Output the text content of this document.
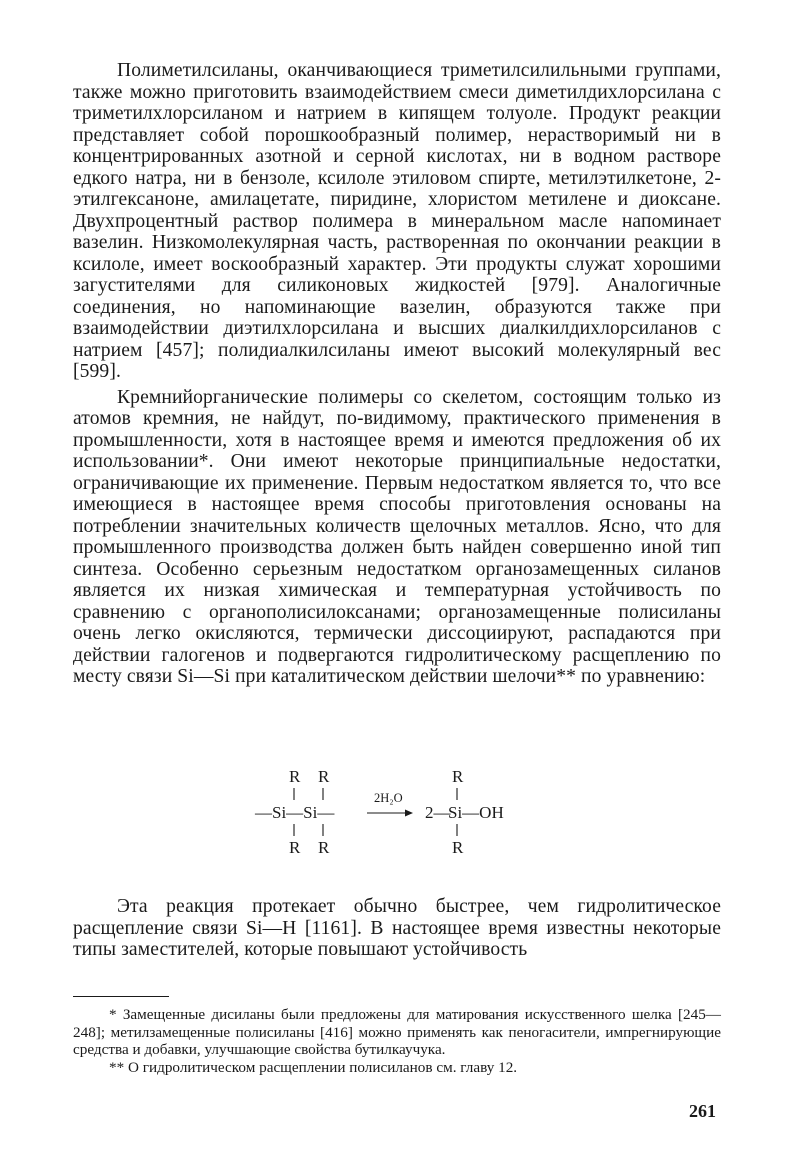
Полиметилсиланы, оканчивающиеся триметилсилильными группами, также можно приготовить взаимодействием смеси диметилдихлорсилана с триметилхлорсиланом и натрием в кипящем толуоле. Продукт реакции представляет собой порошкообразный полимер, нерастворимый ни в концентрированных азотной и серной кислотах, ни в водном растворе едкого натра, ни в бензоле, ксилоле этиловом спирте, метилэтилкетоне, 2-этилгексаноне, амилацетате, пиридине, хлористом метилене и диоксане. Двухпроцентный раствор полимера в минеральном масле напоминает вазелин. Низкомолекулярная часть, растворенная по окончании реакции в ксилоле, имеет воскообразный характер. Эти продукты служат хорошими загустителями для силиконовых жидкостей [979]. Аналогичные соединения, но напоминающие вазелин, образуются также при взаимодействии диэтилхлорсилана и высших диалкилдихлорсиланов с натрием [457]; полидиалкилсиланы имеют высокий молекулярный вес [599].

Кремнийорганические полимеры со скелетом, состоящим только из атомов кремния, не найдут, по-видимому, практического применения в промышленности, хотя в настоящее время и имеются предложения об их использовании*. Они имеют некоторые принципиальные недостатки, ограничивающие их применение. Первым недостатком является то, что все имеющиеся в настоящее время способы приготовления основаны на потреблении значительных количеств щелочных металлов. Ясно, что для промышленного производства должен быть найден совершенно иной тип синтеза. Особенно серьезным недостатком органозамещенных силанов является их низкая химическая и температурная устойчивость по сравнению с органополисилоксанами; органозамещенные полисиланы очень легко окисляются, термически диссоциируют, распадаются при действии галогенов и подвергаются гидролитическому расщеплению по месту связи Si—Si при каталитическом действии шелочи** по уравнению:

R R	R
—Si—Si—
2H₂O
2—
Si—OH
R R	R

Эта реакция протекает обычно быстрее, чем гидролитическое расщепление связи Si—H [1161]. В настоящее время известны некоторые типы заместителей, которые повышают устойчивость

* Замещенные дисиланы были предложены для матирования искусственного шелка [245—248]; метилзамещенные полисиланы [416] можно применять как пеногасители, импрегнирующие средства и добавки, улучшающие свойства бутилкаучука.

** О гидролитическом расщеплении полисиланов см. главу 12.

261
